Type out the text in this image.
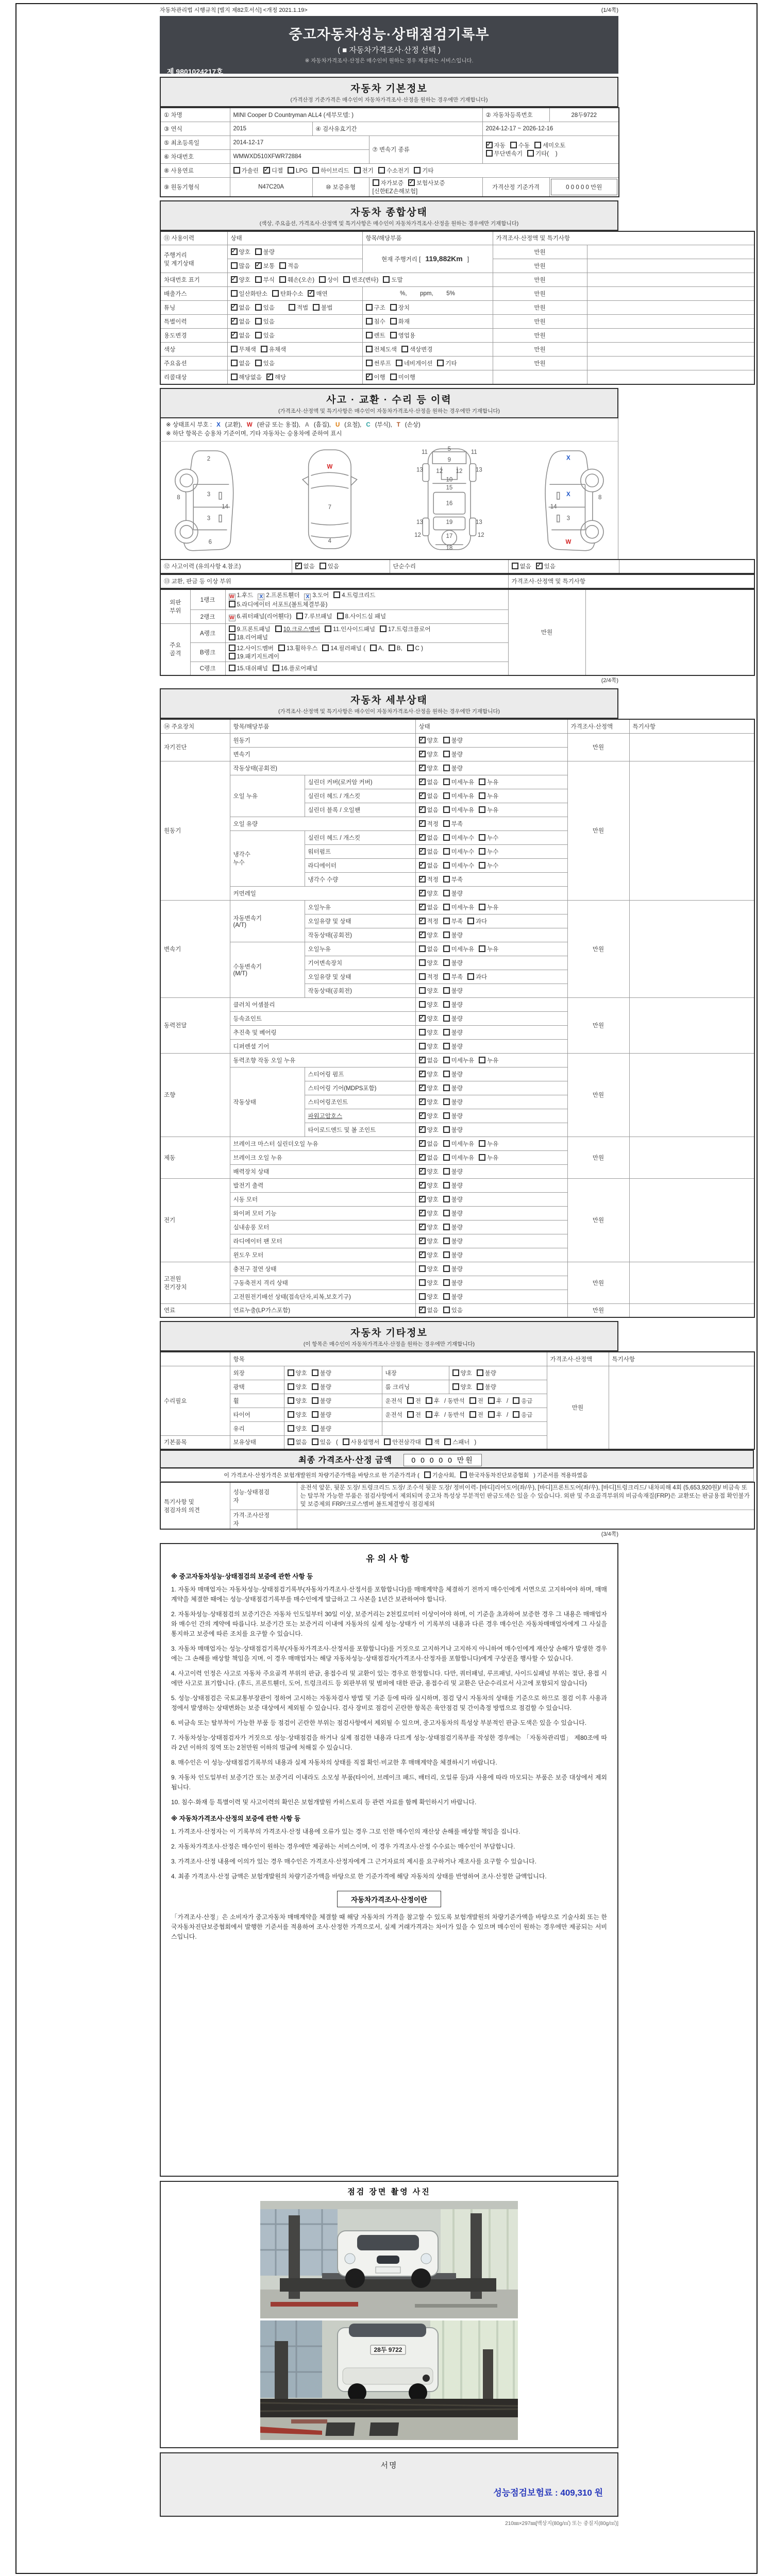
자동차관리법 시행규칙 [별지 제82호서식] <개정 2021.1.19>	(1/4쪽)
중고자동차성능·상태점검기록부
( ■ 자동차가격조사·산정 선택 )
※ 자동차가격조사·산정은 매수인이 원하는 경우 제공하는 서비스입니다.
제 9801024217호
자동차 기본정보
(가격산정 기준가격은 매수인이 자동차가격조사·산정을 원하는 경우에만 기재합니다)
① 차명	MINI Cooper D Countryman ALL4 (세부모델: )			② 자동차등록번호	28두9722
③ 연식	2015	④ 검사유효기간		2024-12-17 ~ 2026-12-16	
⑤ 최초등록일	2014-12-17		⑦ 변속기 종류	✓자동 수동 세미오토
무단변속기 기타(    )
⑥ 차대번호	WMWXD510XFWR72884				
⑧ 사용연료	가솔린 ✓ 디젤 LPG 하이브리드 전기 수소전기 기타
⑨ 원동기형식	N47C20A	⑩ 보증유형	자가보증 ✓ 보험사보증[신한EZ손해보험]	가격산정 기준가격	0 0 0 0 0 만원
자동차 종합상태
(색상, 주요옵션, 가격조사·산정액 및 특기사항은 매수인이 자동차가격조사·산정을 원하는 경우에만 기재합니다)
⑪ 사용이력	상태	항목/해당부품	가격조사·산정액 및 특기사항	
주행거리
및 계기상태	✓양호 불량	현재 주행거리 [ 119,882Km ]	만원	
	많음 ✓ 보통 적음		만원	
차대번호 표기	✓양호 부식 훼손(오손) 상이 변조(변타) 도말		만원	
배출가스	일산화탄소 탄화수소 ✓ 매연	%,        ppm,        5%	만원	
튜닝	✓없음 있음 적법 불법	구조 장치	만원	
특별이력	✓없음 있음	침수 화재	만원	
용도변경	✓없음 있음	렌트 영업용	만원	
색상	무채색 유채색	전체도색 색상변경	만원	
주요옵션	없음 있음	썬루프 네비게이션 기타	만원	
리콜대상	해당없음 ✓ 해당	✓이행 미이행		
사고 · 교환 · 수리 등 이력
(가격조사·산정액 및 특기사항은 매수인이 자동차가격조사·산정을 원하는 경우에만 기재합니다)
※ 상태표시 부호 : X (교환), W (판금 또는 용접), A (흠집), U (요철), C (부식), T (손상)
※ 하단 항목은 승용차 기준이며, 기타 자동차는 승용차에 준하여 표시
2
8	3
3
14
6
W
7
4
11	11
5
9
13 12 12 13
10
15
16
13	19	13
12	17	12
18
X
8
X
3
14
W
⑫ 사고이력 (유의사항 4.참조)	✓없음 있음	단순수리	없음 ✓ 있음	
⑬ 교환, 판금 등 이상 부위	가격조사·산정액 및 특기사항
외판
부위	1랭크	W 1.후드 X 2.프론트휀더 X 3.도어 4.트렁크리드
5.라디에이터 서포트(볼트체결부품)	만원	
	2랭크	W 6.쿼터패널(리어휀다) 7.루브패널 8.사이드실 패널		
주요
골격	A랭크	9.프론트패널 10.크로스멤버 11.인사이드패널 17.트렁크플로어
18.리어패널		
	B랭크	12.사이드멤버 13.휠하우스 14.필러패널 ( A, B, C )
19.패키지트레이		
	C랭크	15.대쉬패널 16.플로어패널		
(2/4쪽)
자동차 세부상태
(가격조사·산정액 및 특기사항은 매수인이 자동차가격조사·산정을 원하는 경우에만 기재합니다)
⑭ 주요장치	항목/해당부품		상태	가격조사·산정액	특기사항
자기진단	원동기	✓양호 불량	만원	
	변속기	✓양호 불량
원동기	작동상태(공회전)	✓양호 불량	만원	
	오일 누유	실린더 커버(로커암 커버)	✓없음 미세누유 누유
		실린더 헤드 / 개스킷	✓없음 미세누유 누유
		실린더 블록 / 오일팬	✓없음 미세누유 누유
	오일 유량	✓적정 부족
	냉각수
누수	실린더 헤드 / 개스킷	✓없음 미세누수 누수
		워터펌프	✓없음 미세누수 누수
		라디에이터	✓없음 미세누수 누수
		냉각수 수량	✓적정 부족
	커먼레일	✓양호 불량
변속기	자동변속기
(A/T)	오일누유	✓없음 미세누유 누유	만원	
		오일유량 및 상태	✓적정 부족 과다
		작동상태(공회전)	✓양호 불량
	수동변속기
(M/T)	오일누유	없음 미세누유 누유		
		기어변속장치	양호 불량		
		오일유량 및 상태	적정 부족 과다		
		작동상태(공회전)	양호 불량		
동력전달	클러치 어셈블리		양호 불량	만원	
	등속죠인트	✓양호 불량
	추진축 및 베어링		양호 불량		
	디퍼렌셜 기어		양호 불량		
조향	동력조향 작동 오일 누유	✓없음 미세누유 누유	만원	
	작동상태	스티어링 펌프	✓양호 불량
		스티어링 기어(MDPS포함)	✓양호 불량
		스티어링조인트	✓양호 불량
		파워고압호스	✓양호 불량
		타이로드엔드 및 볼 조인트	✓양호 불량
제동	브레이크 마스터 실린더오일 누유	✓없음 미세누유 누유	만원	
	브레이크 오일 누유	✓없음 미세누유 누유
	배력장치 상태	✓양호 불량
전기	발전기 출력	✓양호 불량	만원	
	시동 모터	✓양호 불량
	와이퍼 모터 기능	✓양호 불량
	실내송풍 모터	✓양호 불량
	라디에이터 팬 모터	✓양호 불량
	윈도우 모터	✓양호 불량
고전원
전기장치	충전구 절연 상태		양호 불량	만원	
	구동축전지 격리 상태		양호 불량		
	고전원전기배선 상태(접속단자,피복,보호기구)		양호 불량		
연료	연료누출(LP가스포함)	✓없음 있음	만원	
자동차 기타정보
(이 항목은 매수인이 자동차가격조사·산정을 원하는 경우에만 기재합니다)
	항목				가격조사·산정액	특기사항
수리필요	외장	양호 불량	내장	양호 불량	만원	
	광택	양호 불량	룸 크리닝	양호 불량		
	휠	양호 불량	운전석 전 후 / 동반석 전 후 / 응급			
	타이어	양호 불량	운전석 전 후 / 동반석 전 후 / 응급			
	유리	양호 불량				
기본품목	보유상태	없음 있음 ( 사용설명서 안전삼각대 잭 스패너 )				
최종 가격조사·산정 금액	0 0 0 0 0 만원
이 가격조사·산정가격은 보험개발원의 차량기준가액을 바탕으로 한 기준가격과 ( 기술사회, 한국자동차진단보증협회 ) 기준서를 적용하였음
특기사항 및
점검자의 의견	성능·상태점검
자	운전석 앞문, 뒷문 도장/ 트렁크리드 도장/ 조수석 뒷문 도장/ 정비이력- [바디]리어도어(좌/우), [바디]프론트도어(좌/우), [바디]트렁크리드/ 내차피해 4회 (5,653,920원)/ 비금속 또는 탈부착 가능한 부품은 점검사항에서 제외되며 중고차 특성상 부분적인 판금도색은 있을 수 있습니다. 외판 및 주요골격부위의 비금속재질(FRP)은 교환또는 판금용접 확인불가 및 보증제외 FRP/크로스멤버 볼트체결방식 점검제외
	가격·조사산정
자	
(3/4쪽)
유의사항
※ 중고자동차성능·상태점검의 보증에 관한 사항 등
1. 자동차 매매업자는 자동차성능·상태점검기록부(자동차가격조사·산정서를 포함합니다)를 매매계약을 체결하기 전까지 매수인에게 서면으로 고지하여야 하며, 매매계약을 체결한 때에는 성능·상태점검기록부를 매수인에게 발급하고 그 사본을 1년간 보관하여야 합니다.
2. 자동차성능·상태점검의 보증기간은 자동차 인도일부터 30일 이상, 보증거리는 2천킬로미터 이상이어야 하며, 이 기준을 초과하여 보증한 경우 그 내용은 매매업자와 매수인 간의 계약에 따릅니다. 보증기간 또는 보증거리 이내에 자동차의 실제 성능·상태가 이 기록부의 내용과 다른 경우 매수인은 자동차매매업자에게 그 사실을 통지하고 보증에 따른 조치를 요구할 수 있습니다.
3. 자동차 매매업자는 성능·상태점검기록부(자동차가격조사·산정서를 포함합니다)를 거짓으로 고지하거나 고지하지 아니하여 매수인에게 재산상 손해가 발생한 경우에는 그 손해를 배상할 책임을 지며, 이 경우 매매업자는 해당 자동차성능·상태점검자(가격조사·산정자를 포함합니다)에게 구상권을 행사할 수 있습니다.
4. 사고이력 인정은 사고로 자동차 주요골격 부위의 판금, 용접수리 및 교환이 있는 경우로 한정합니다. 다만, 쿼터패널, 루프패널, 사이드실패널 부위는 절단, 용접 시에만 사고로 표기합니다. (후드, 프론트휀더, 도어, 트렁크리드 등 외판부위 및 범퍼에 대한 판금, 용접수리 및 교환은 단순수리로서 사고에 포함되지 않습니다)
5. 성능·상태점검은 국토교통부장관이 정하여 고시하는 자동차검사 방법 및 기준 등에 따라 실시하며, 점검 당시 자동차의 상태를 기준으로 하므로 점검 이후 사용과정에서 발생하는 상태변화는 보증 대상에서 제외될 수 있습니다. 검사 장비로 점검이 곤란한 항목은 육안점검 및 간이측정 방법으로 점검할 수 있습니다.
6. 비금속 또는 탈부착이 가능한 부품 등 점검이 곤란한 부위는 점검사항에서 제외될 수 있으며, 중고자동차의 특성상 부분적인 판금·도색은 있을 수 있습니다.
7. 자동차성능·상태점검자가 거짓으로 성능·상태점검을 하거나 실제 점검한 내용과 다르게 성능·상태점검기록부를 작성한 경우에는 「자동차관리법」 제80조에 따라 2년 이하의 징역 또는 2천만원 이하의 벌금에 처해질 수 있습니다.
8. 매수인은 이 성능·상태점검기록부의 내용과 실제 자동차의 상태를 직접 확인·비교한 후 매매계약을 체결하시기 바랍니다.
9. 자동차 인도일부터 보증기간 또는 보증거리 이내라도 소모성 부품(타이어, 브레이크 패드, 배터리, 오일류 등)과 사용에 따라 마모되는 부품은 보증 대상에서 제외됩니다.
10. 침수·화재 등 특별이력 및 사고이력의 확인은 보험개발원 카히스토리 등 관련 자료를 함께 확인하시기 바랍니다.
※ 자동차가격조사·산정의 보증에 관한 사항 등
1. 가격조사·산정자는 이 기록부의 가격조사·산정 내용에 오류가 있는 경우 그로 인한 매수인의 재산상 손해를 배상할 책임을 집니다.
2. 자동차가격조사·산정은 매수인이 원하는 경우에만 제공하는 서비스이며, 이 경우 가격조사·산정 수수료는 매수인이 부담합니다.
3. 가격조사·산정 내용에 이의가 있는 경우 매수인은 가격조사·산정자에게 그 근거자료의 제시를 요구하거나 재조사를 요구할 수 있습니다.
4. 최종 가격조사·산정 금액은 보험개발원의 차량기준가액을 바탕으로 한 기준가격에 해당 자동차의 상태를 반영하여 조사·산정한 금액입니다.
자동차가격조사·산정이란
「가격조사·산정」은 소비자가 중고자동차 매매계약을 체결할 때 해당 자동차의 가격을 참고할 수 있도록 보험개발원의 차량기준가액을 바탕으로 기술사회 또는 한국자동차진단보증협회에서 발행한 기준서를 적용하여 조사·산정한 가격으로서, 실제 거래가격과는 차이가 있을 수 있으며 매수인이 원하는 경우에만 제공되는 서비스입니다.
점검 장면 촬영 사진
28두 9722
서명
성능점검보험료 : 409,310 원
210㎜×297㎜[백상지(80g/㎡) 또는 중질지(80g/㎡)]
